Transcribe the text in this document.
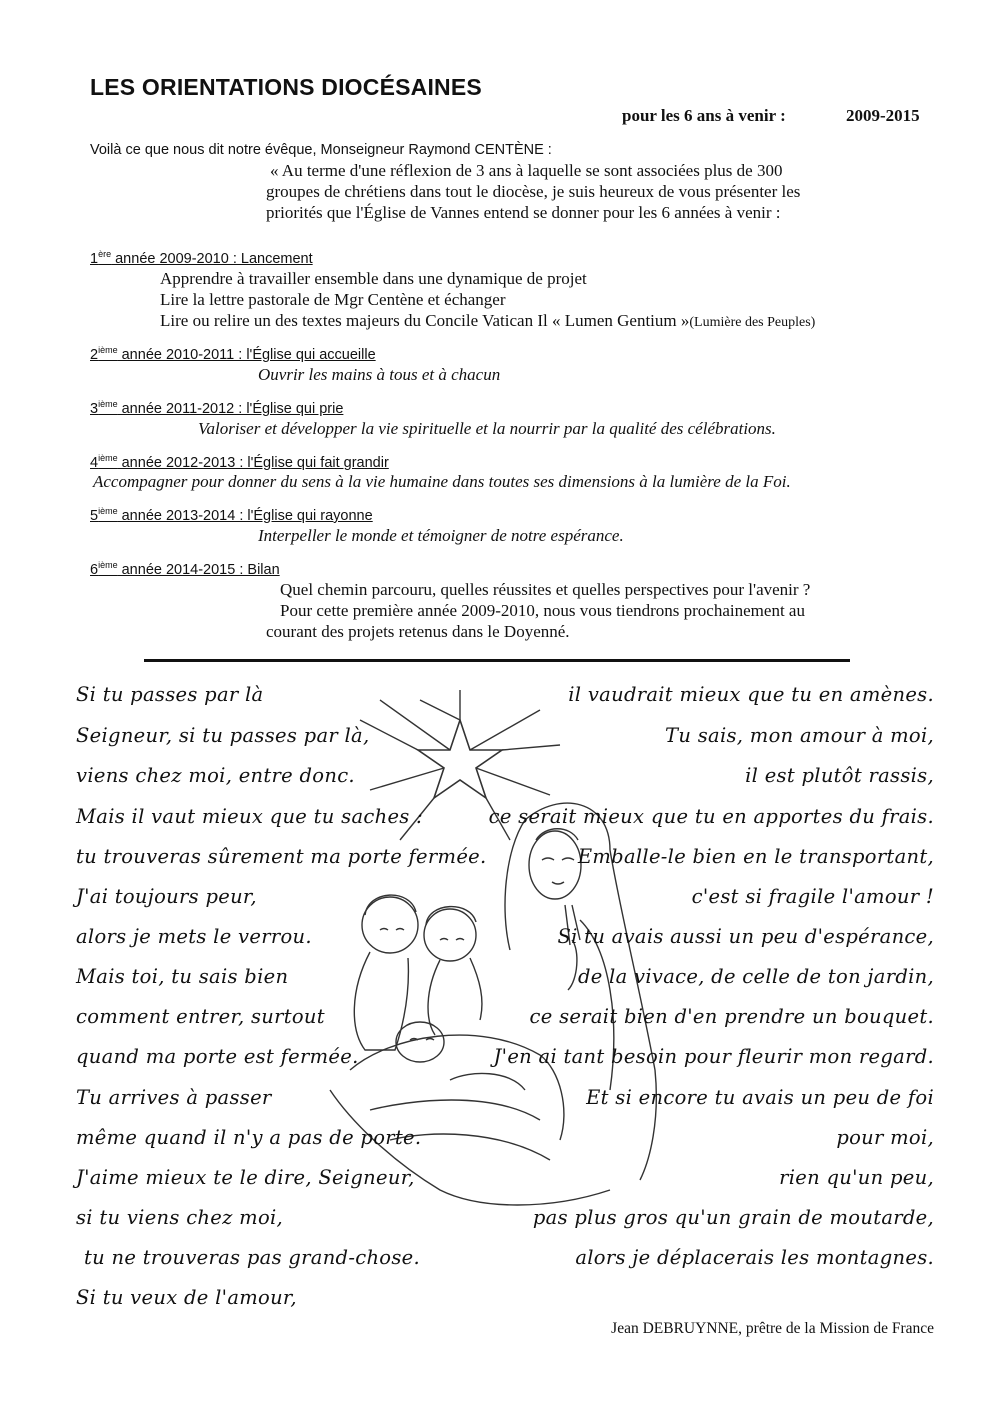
LES ORIENTATIONS DIOCÉSAINES
pour les 6 ans à venir :	2009-2015
Voilà ce que nous dit notre évêque, Monseigneur Raymond CENTÈNE :
« Au terme d'une réflexion de 3 ans à laquelle se sont associées plus de 300
groupes de chrétiens dans tout le diocèse, je suis heureux de vous présenter les
priorités que l'Église de Vannes entend se donner pour les 6 années à venir :
1ère année 2009-2010 : Lancement
Apprendre à travailler ensemble dans une dynamique de projet
Lire la lettre pastorale de Mgr Centène et échanger
Lire ou relire un des textes majeurs du Concile Vatican Il « Lumen Gentium »(Lumière des Peuples)
2ième année 2010-2011 : l'Église qui accueille
Ouvrir les mains à tous et à chacun
3ième année 2011-2012 : l'Église qui prie
Valoriser et développer la vie spirituelle et la nourrir par la qualité des célébrations.
4ième année 2012-2013 : l'Église qui fait grandir
Accompagner pour donner du sens à la vie humaine dans toutes ses dimensions à la lumière de la Foi.
5ième année 2013-2014 : l'Église qui rayonne
Interpeller le monde et témoigner de notre espérance.
6ième année 2014-2015 : Bilan
Quel chemin parcouru, quelles réussites et quelles perspectives pour l'avenir ?
Pour cette première année 2009-2010, nous vous tiendrons prochainement au
courant des projets retenus dans le Doyenné.
Si tu passes par là
Seigneur, si tu passes par là,
viens chez moi, entre donc.
Mais il vaut mieux que tu saches :
tu trouveras sûrement ma porte fermée.
J'ai toujours peur,
alors je mets le verrou.
Mais toi, tu sais bien
comment entrer, surtout
quand ma porte est fermée.
Tu arrives à passer
même quand il n'y a pas de porte.
J'aime mieux te le dire, Seigneur,
si tu viens chez moi,
tu ne trouveras pas grand-chose.
Si tu veux de l'amour,
il vaudrait mieux que tu en amènes.
Tu sais, mon amour à moi,
il est plutôt rassis,
ce serait mieux que tu en apportes du frais.
Emballe-le bien en le transportant,
c'est si fragile l'amour !
Si tu avais aussi un peu d'espérance,
de la vivace, de celle de ton jardin,
ce serait bien d'en prendre un bouquet.
J'en ai tant besoin pour fleurir mon regard.
Et si encore tu avais un peu de foi
pour moi,
rien qu'un peu,
pas plus gros qu'un grain de moutarde,
alors je déplacerais les montagnes.
Jean DEBRUYNNE, prêtre de la Mission de France
